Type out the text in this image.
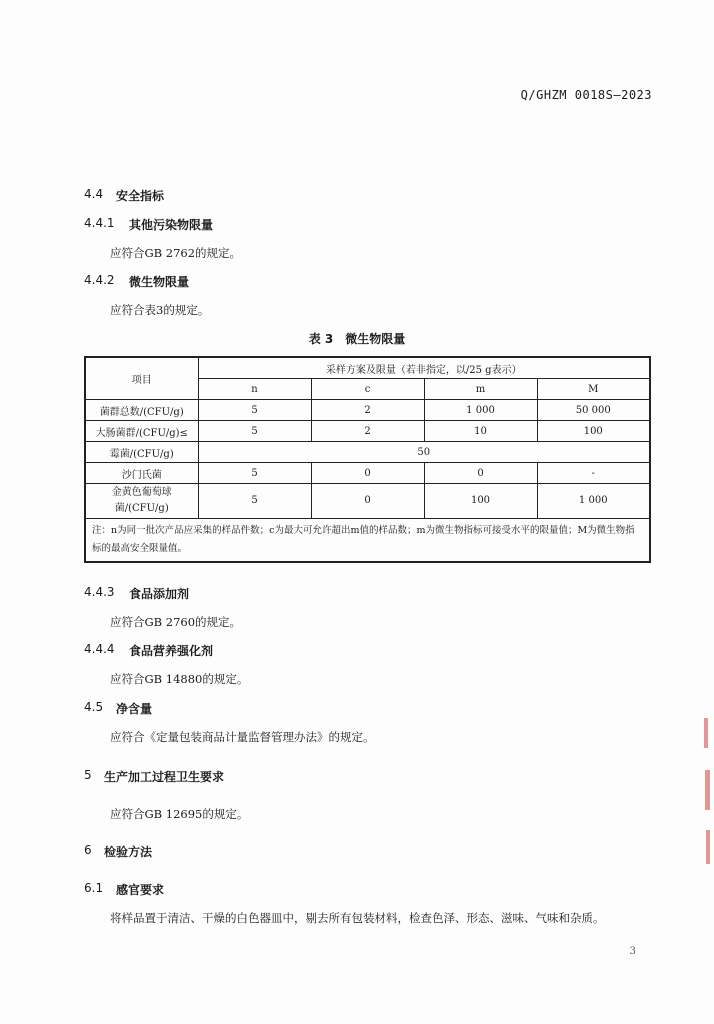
Q/GHZM 0018S—2023
4.4 安全指标
4.4.1 其他污染物限量
应符合GB 2762的规定。
4.4.2 微生物限量
应符合表3的规定。
表 3　微生物限量
项目	采样方案及限量（若非指定，以/25 g表示）			
	n	c	m	M
菌群总数/(CFU/g)	5	2	1 000	50 000
大肠菌群/(CFU/g)≤	5	2	10	100
霉菌/(CFU/g)	50			
沙门氏菌	5	0	0	-
金黄色葡萄球菌/(CFU/g)	5	0	100	1 000
注：n为同一批次产品应采集的样品件数；c为最大可允许超出m值的样品数；m为微生物指标可接受水平的限量值；M为微生物指标的最高安全限量值。				
4.4.3 食品添加剂
应符合GB 2760的规定。
4.4.4 食品营养强化剂
应符合GB 14880的规定。
4.5 净含量
应符合《定量包装商品计量监督管理办法》的规定。
5 生产加工过程卫生要求
应符合GB 12695的规定。
6 检验方法
6.1 感官要求
将样品置于清洁、干燥的白色器皿中，剔去所有包装材料，检查色泽、形态、滋味、气味和杂质。
3
